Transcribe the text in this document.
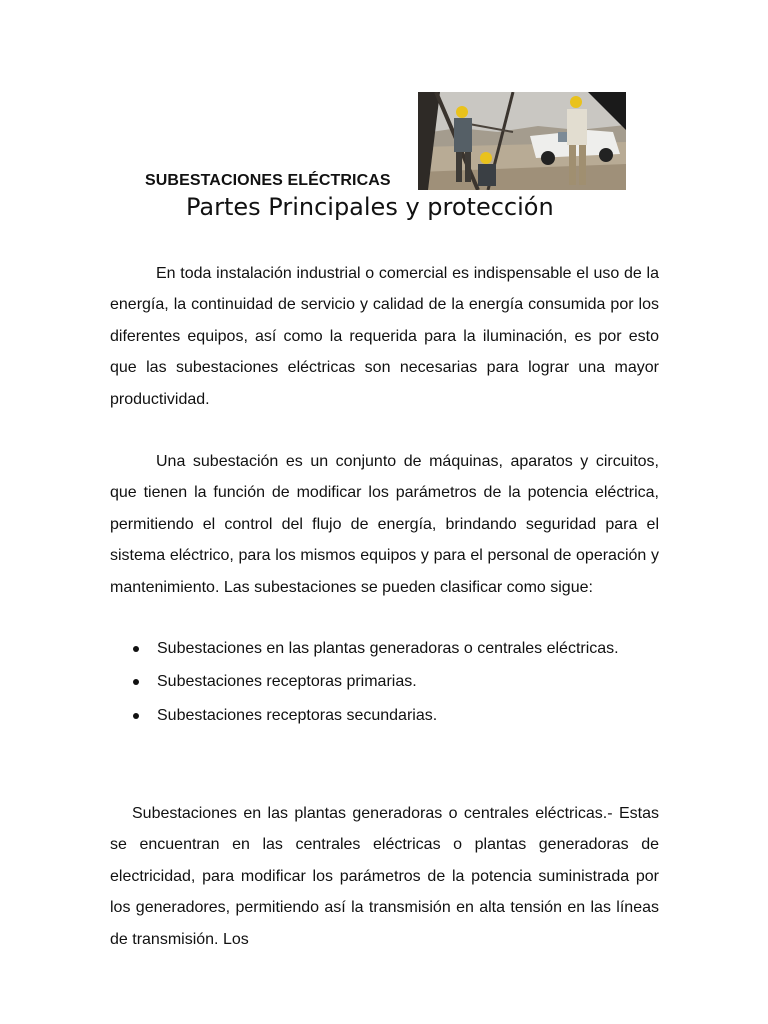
SUBESTACIONES ELÉCTRICAS
Partes Principales y protección

En toda instalación industrial o comercial es indispensable el uso de la energía, la continuidad de servicio y calidad de la energía consumida por los diferentes equipos, así como la requerida para la iluminación, es por esto que las subestaciones eléctricas son necesarias para lograr una mayor productividad.

Una subestación es un conjunto de máquinas, aparatos y circuitos, que tienen la función de modificar los parámetros de la potencia eléctrica, permitiendo el control del flujo de energía, brindando seguridad para el sistema eléctrico, para los mismos equipos y para el personal de operación y mantenimiento. Las subestaciones se pueden clasificar como sigue:

Subestaciones en las plantas generadoras o centrales eléctricas.
Subestaciones receptoras primarias.
Subestaciones receptoras secundarias.

Subestaciones en las plantas generadoras o centrales eléctricas.- Estas se encuentran en las centrales eléctricas o plantas generadoras de electricidad, para modificar los parámetros de la potencia suministrada por los generadores, permitiendo así la transmisión en alta tensión en las líneas de transmisión. Los
